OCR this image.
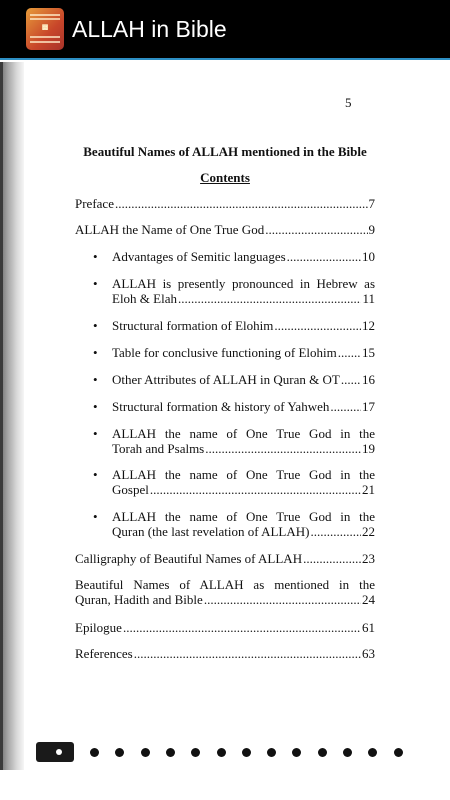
▩	ALLAH in Bible
5
Beautiful Names of ALLAH mentioned in the Bible
Contents
Preface .....	7
ALLAH the Name of One True God .....	9
• Advantages of Semitic languages .....	10
• ALLAH is presently pronounced in Hebrew as
Eloh & Elah .....	11
• Structural formation of Elohim .....	12
• Table for conclusive functioning of Elohim ..... 15
• Other Attributes of ALLAH in Quran & OT ..... 16
• Structural formation & history of Yahweh .....	17
• ALLAH the name of One True God in the
Torah and Psalms .....	19
• ALLAH the name of One True God in the
Gospel .....	21
• ALLAH the name of One True God in the
Quran (the last revelation of ALLAH) .....	22
Calligraphy of Beautiful Names of ALLAH .....	23
Beautiful Names of ALLAH as mentioned in the
Quran, Hadith and Bible .....	24
Epilogue .....	61
References .....	63
